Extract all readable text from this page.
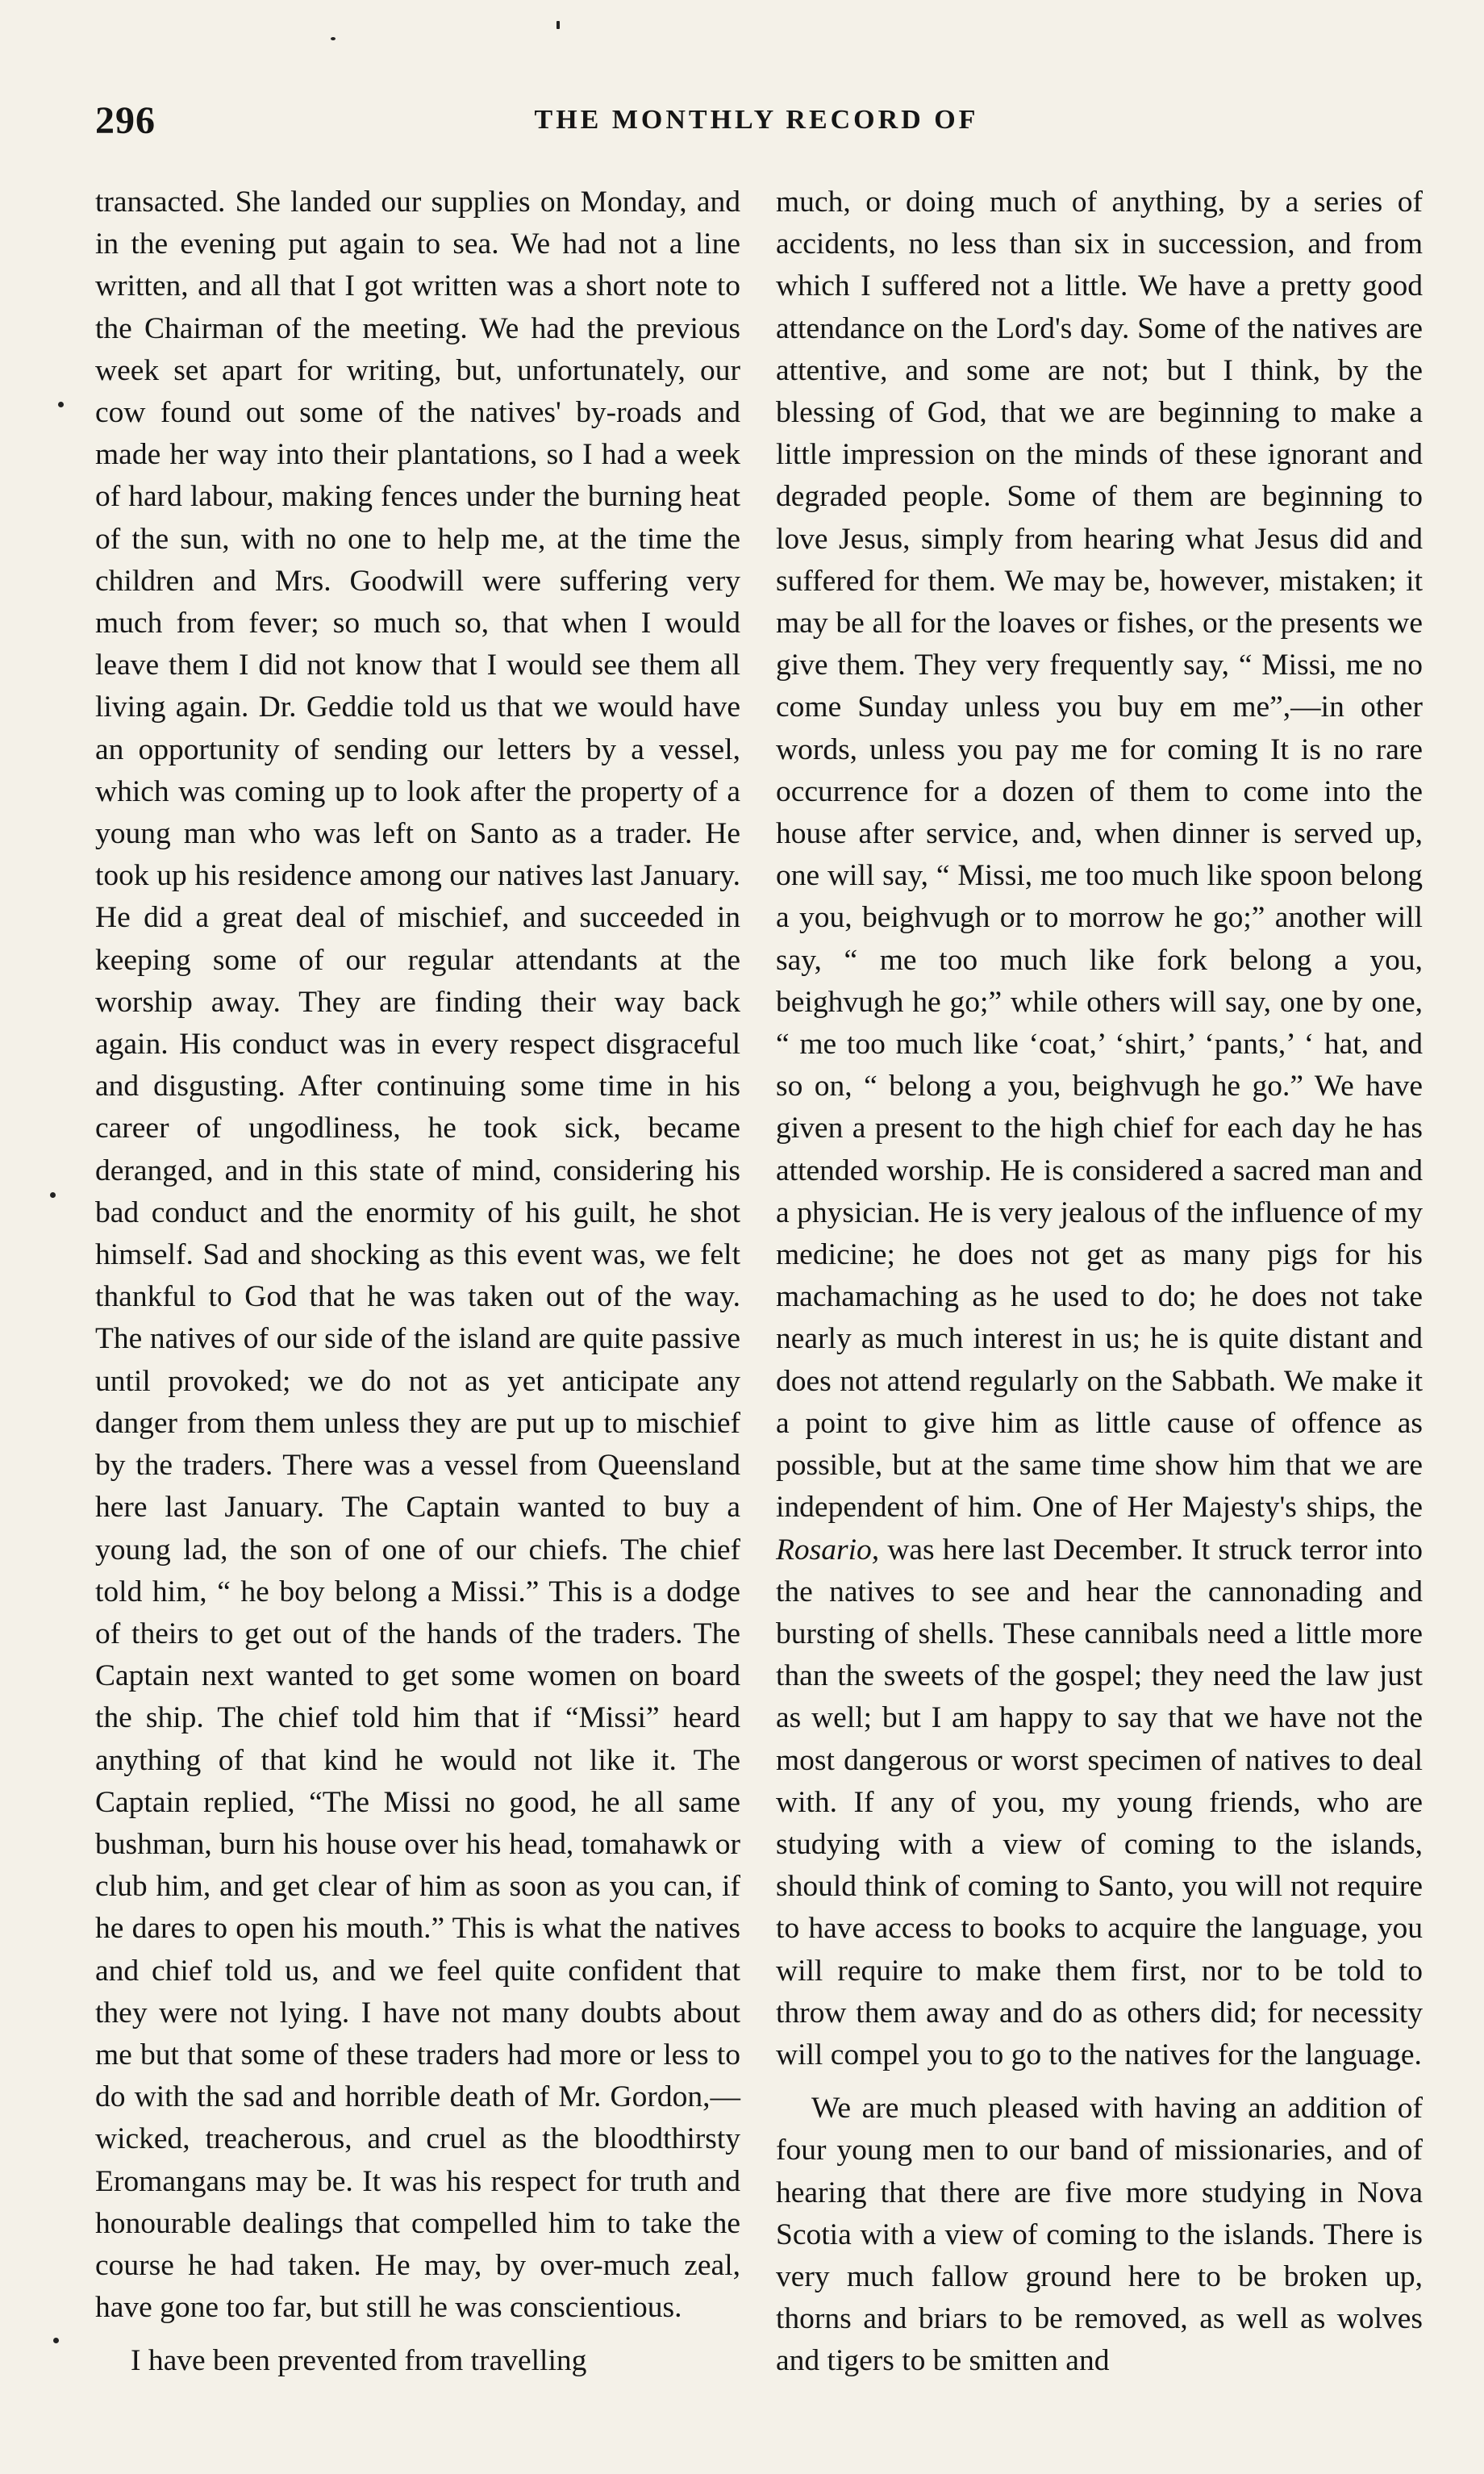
296	THE MONTHLY RECORD OF

transacted. She landed our supplies on Monday, and in the evening put again to sea. We had not a line written, and all that I got written was a short note to the Chairman of the meeting. We had the previous week set apart for writing, but, unfortunately, our cow found out some of the natives' by-roads and made her way into their plantations, so I had a week of hard labour, making fences under the burning heat of the sun, with no one to help me, at the time the children and Mrs. Goodwill were suffering very much from fever; so much so, that when I would leave them I did not know that I would see them all living again. Dr. Geddie told us that we would have an opportunity of sending our letters by a vessel, which was coming up to look after the property of a young man who was left on Santo as a trader. He took up his residence among our natives last January. He did a great deal of mischief, and succeeded in keeping some of our regular attendants at the worship away. They are finding their way back again. His conduct was in every respect disgraceful and disgusting. After continuing some time in his career of ungodliness, he took sick, became deranged, and in this state of mind, considering his bad conduct and the enormity of his guilt, he shot himself. Sad and shocking as this event was, we felt thankful to God that he was taken out of the way. The natives of our side of the island are quite passive until provoked; we do not as yet anticipate any danger from them unless they are put up to mischief by the traders. There was a vessel from Queensland here last January. The Captain wanted to buy a young lad, the son of one of our chiefs. The chief told him, “ he boy belong a Missi.” This is a dodge of theirs to get out of the hands of the traders. The Captain next wanted to get some women on board the ship. The chief told him that if “Missi” heard anything of that kind he would not like it. The Captain replied, “The Missi no good, he all same bushman, burn his house over his head, tomahawk or club him, and get clear of him as soon as you can, if he dares to open his mouth.” This is what the natives and chief told us, and we feel quite confident that they were not lying. I have not many doubts about me but that some of these traders had more or less to do with the sad and horrible death of Mr. Gordon,—wicked, treacherous, and cruel as the bloodthirsty Eromangans may be. It was his respect for truth and honourable dealings that compelled him to take the course he had taken. He may, by over-much zeal, have gone too far, but still he was conscientious.

I have been prevented from travelling

much, or doing much of anything, by a series of accidents, no less than six in succession, and from which I suffered not a little. We have a pretty good attendance on the Lord's day. Some of the natives are attentive, and some are not; but I think, by the blessing of God, that we are beginning to make a little impression on the minds of these ignorant and degraded people. Some of them are beginning to love Jesus, simply from hearing what Jesus did and suffered for them. We may be, however, mistaken; it may be all for the loaves or fishes, or the presents we give them. They very frequently say, “ Missi, me no come Sunday unless you buy em me”,—in other words, unless you pay me for coming It is no rare occurrence for a dozen of them to come into the house after service, and, when dinner is served up, one will say, “ Missi, me too much like spoon belong a you, beighvugh or to morrow he go;” another will say, “ me too much like fork belong a you, beighvugh he go;” while others will say, one by one, “ me too much like ‘coat,’ ‘shirt,’ ‘pants,’ ‘ hat, and so on, “ belong a you, beighvugh he go.” We have given a present to the high chief for each day he has attended worship. He is considered a sacred man and a physician. He is very jealous of the influence of my medicine; he does not get as many pigs for his machamaching as he used to do; he does not take nearly as much interest in us; he is quite distant and does not attend regularly on the Sabbath. We make it a point to give him as little cause of offence as possible, but at the same time show him that we are independent of him. One of Her Majesty's ships, the Rosario, was here last December. It struck terror into the natives to see and hear the cannonading and bursting of shells. These cannibals need a little more than the sweets of the gospel; they need the law just as well; but I am happy to say that we have not the most dangerous or worst specimen of natives to deal with. If any of you, my young friends, who are studying with a view of coming to the islands, should think of coming to Santo, you will not require to have access to books to acquire the language, you will require to make them first, nor to be told to throw them away and do as others did; for necessity will compel you to go to the natives for the language.

We are much pleased with having an addition of four young men to our band of missionaries, and of hearing that there are five more studying in Nova Scotia with a view of coming to the islands. There is very much fallow ground here to be broken up, thorns and briars to be removed, as well as wolves and tigers to be smitten and
